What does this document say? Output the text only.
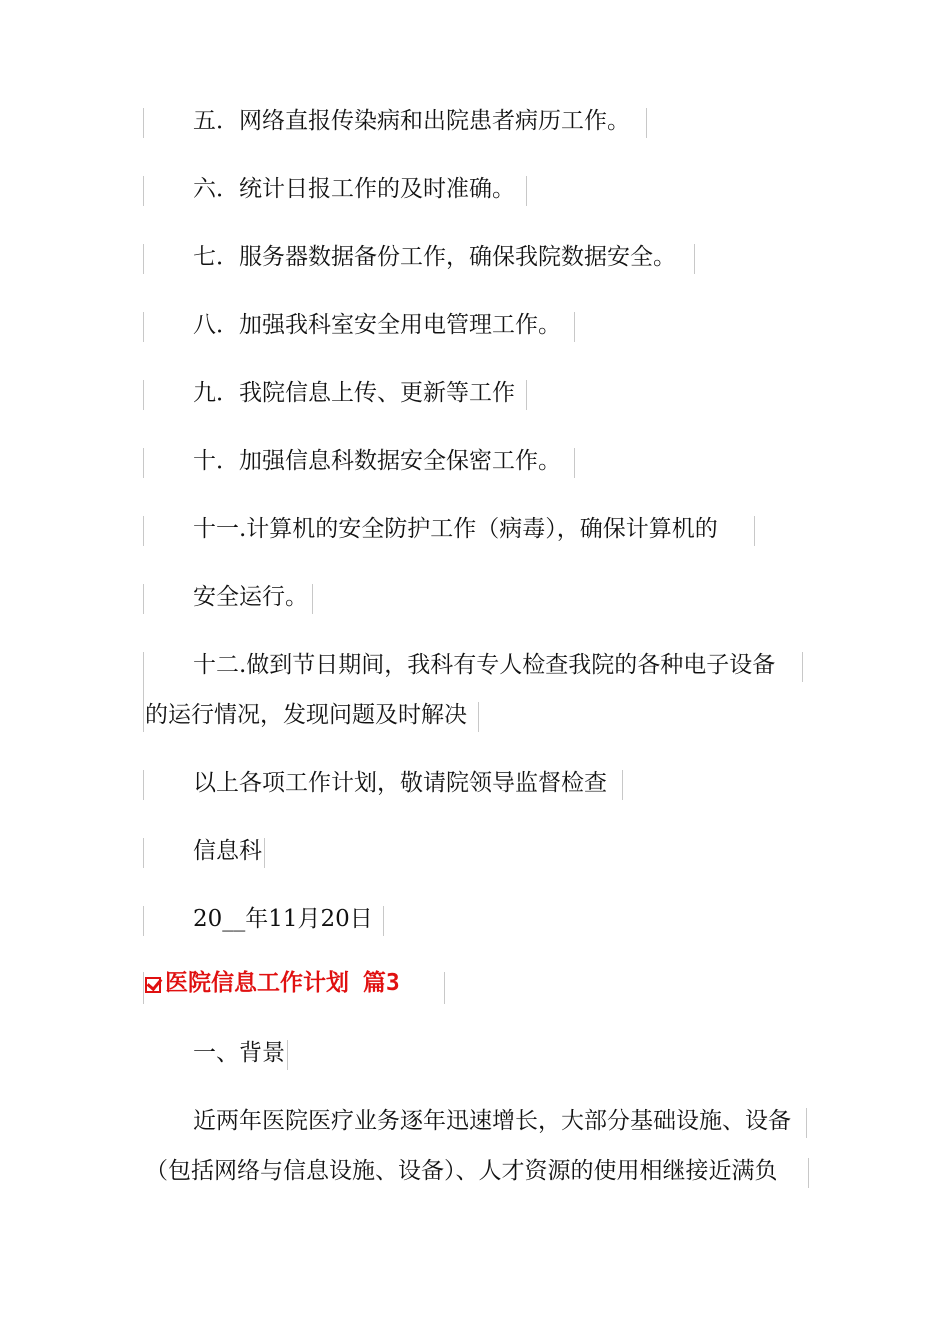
五．网络直报传染病和出院患者病历工作。
六．统计日报工作的及时准确。
七．服务器数据备份工作，确保我院数据安全。
八．加强我科室安全用电管理工作。
九．我院信息上传、更新等工作
十．加强信息科数据安全保密工作。
十一.计算机的安全防护工作（病毒），确保计算机的
安全运行。
十二.做到节日期间，我科有专人检查我院的各种电子设备
的运行情况，发现问题及时解决
以上各项工作计划，敬请院领导监督检查
信息科
20__年11月20日
医院信息工作计划 篇3
一、背景
近两年医院医疗业务逐年迅速增长，大部分基础设施、设备
（包括网络与信息设施、设备）、人才资源的使用相继接近满负
